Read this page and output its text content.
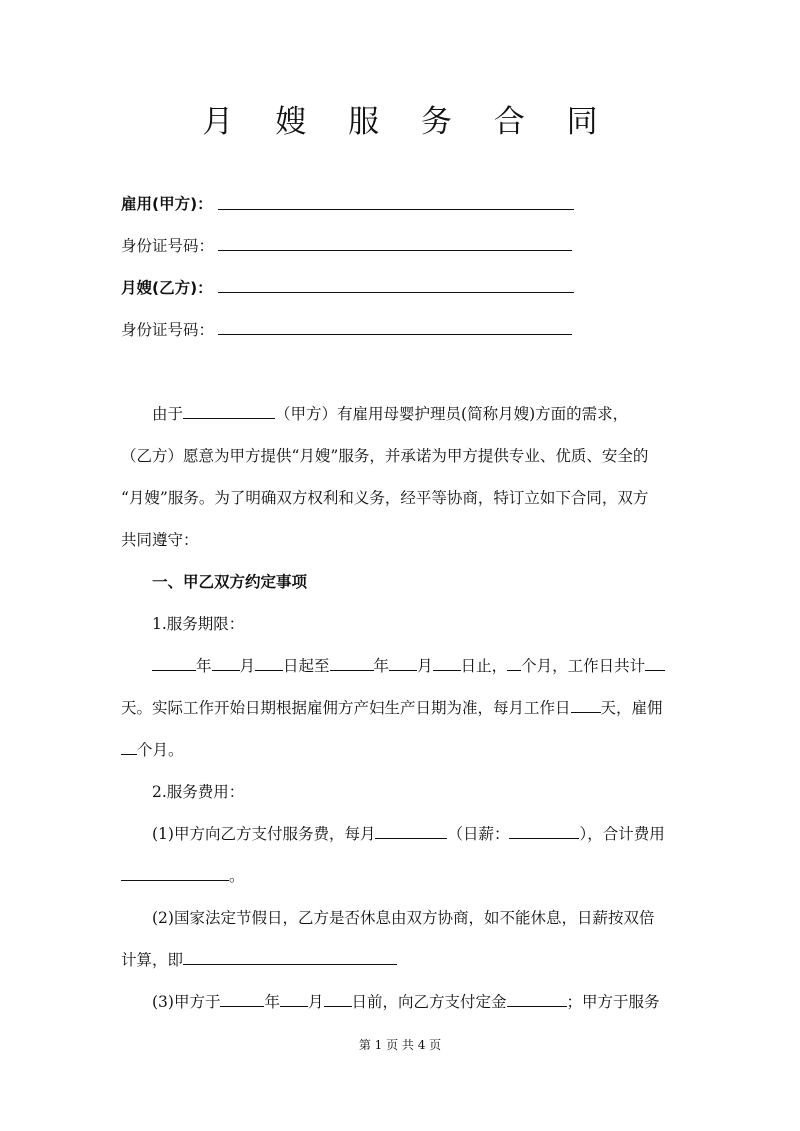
月 嫂 服 务 合 同
雇用(甲方)：
身份证号码：
月嫂(乙方)：
身份证号码：
由于	（甲方）有雇用母婴护理员(简称月嫂)方面的需求，
（乙方）愿意为甲方提供“月嫂”服务，并承诺为甲方提供专业、优质、安全的
“月嫂”服务。为了明确双方权利和义务，经平等协商，特订立如下合同，双方
共同遵守：
一、甲乙双方约定事项
1.服务期限：
年 月 日起至	年 月 日止， 个月，工作日共计
天。实际工作开始日期根据雇佣方产妇生产日期为准，每月工作日 天，雇佣
个月。
2.服务费用：
(1)甲方向乙方支付服务费，每月	（日薪：	），合计费用
。
(2)国家法定节假日，乙方是否休息由双方协商，如不能休息，日薪按双倍
计算，即
(3)甲方于	年 月 日前，向乙方支付定金	；甲方于服务
第 1 页 共 4 页
